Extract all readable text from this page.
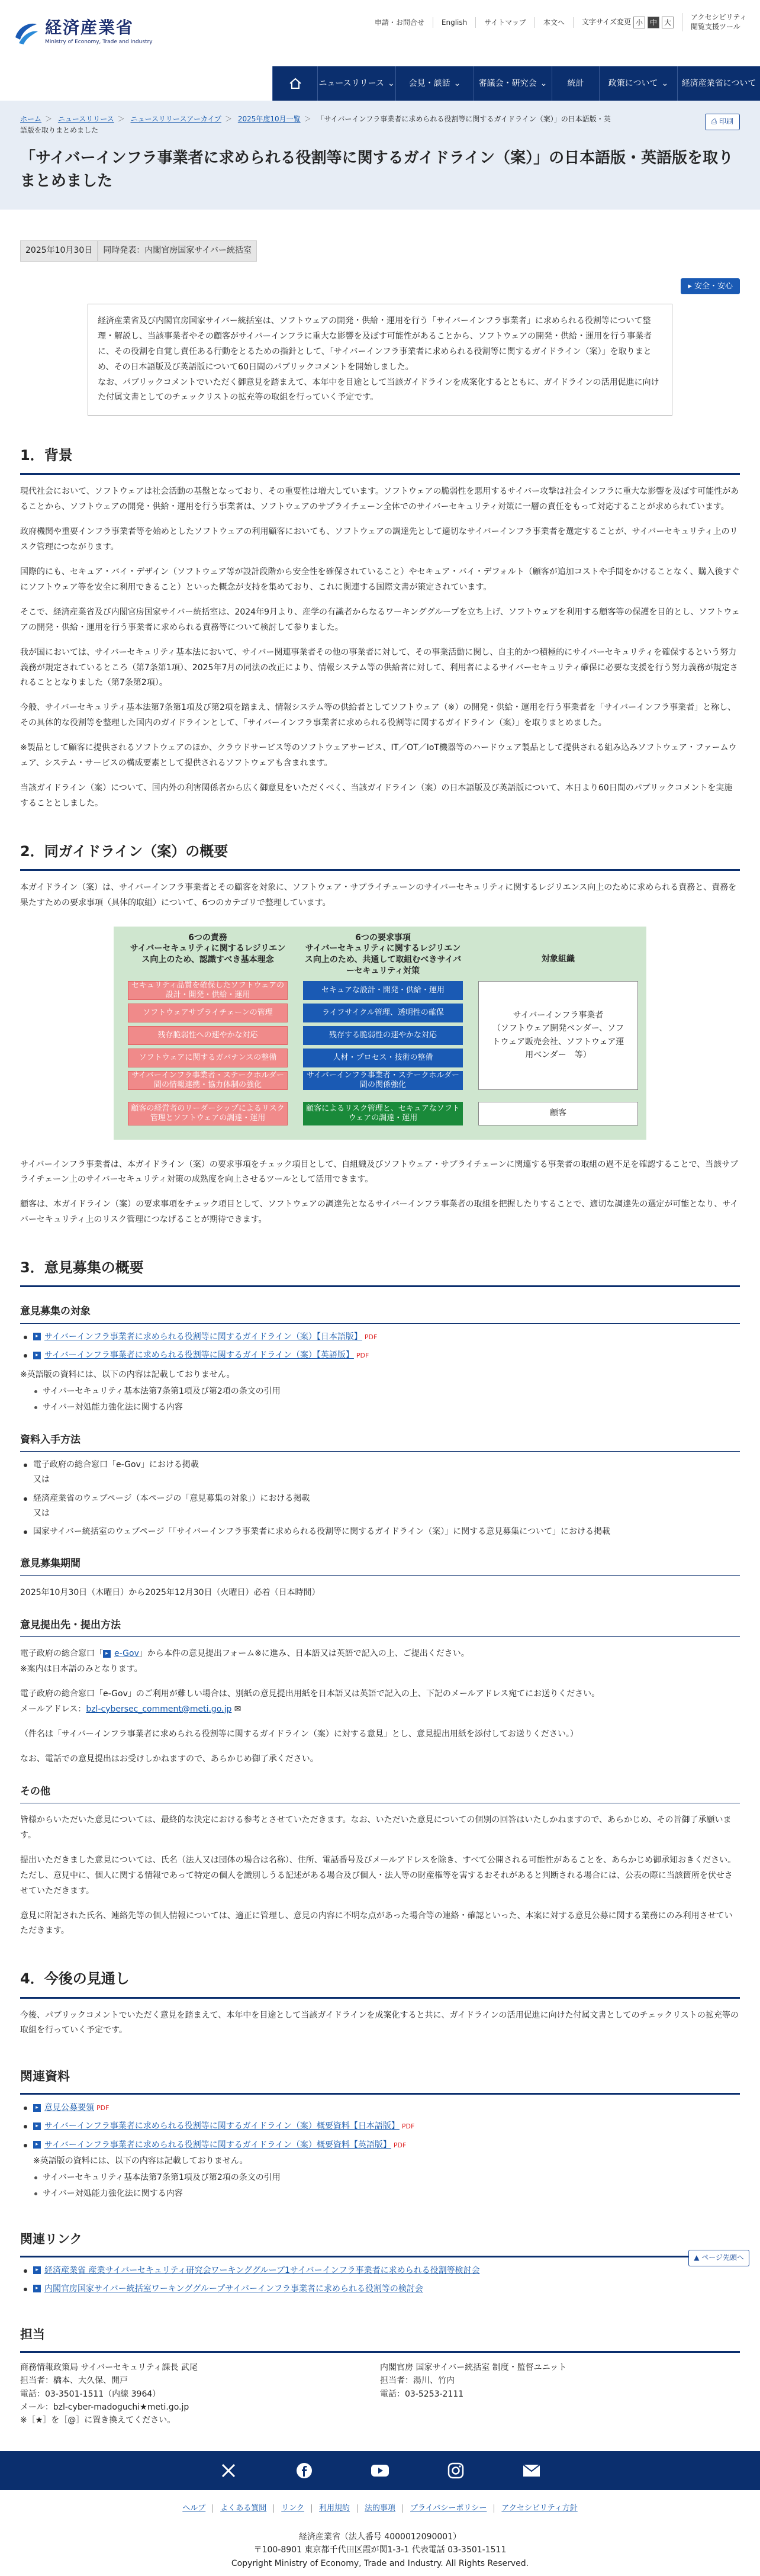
経済産業省
Ministry of Economy, Trade and Industry
申請・お問合せ	English	サイトマップ	本文へ	文字サイズ変更 小 中 大
アクセシビリティ閲覧支援ツール
ニュースリリース ⌄ 会見・談話 ⌄ 審議会・研究会 ⌄ 統計	政策について ⌄ 経済産業省について
ホーム ＞ ニュースリリース ＞ ニュースリリースアーカイブ ＞ 2025年度10月一覧 ＞ 「サイバーインフラ事業者に求められる役割等に関するガイドライン（案）」の日本語版・英語版を取りまとめました
⎙ 印刷
「サイバーインフラ事業者に求められる役割等に関するガイドライン（案）」の日本語版・英語版を取りまとめました
2025年10月30日	同時発表：内閣官房国家サイバー統括室
▸ 安全・安心

経済産業省及び内閣官房国家サイバー統括室は、ソフトウェアの開発・供給・運用を行う「サイバーインフラ事業者」に求められる役割等について整理・解説し、当該事業者やその顧客がサイバーインフラに重大な影響を及ぼす可能性があることから、ソフトウェアの開発・供給・運用を行う事業者に、その役割を自覚し責任ある行動をとるための指針として、「サイバーインフラ事業者に求められる役割等に関するガイドライン（案）」を取りまとめ、その日本語版及び英語版について60日間のパブリックコメントを開始しました。
なお、パブリックコメントでいただく御意見を踏まえて、本年中を目途として当該ガイドラインを成案化するとともに、ガイドラインの活用促進に向けた付属文書としてのチェックリストの拡充等の取組を行っていく予定です。

1．背景

現代社会において、ソフトウェアは社会活動の基盤となっており、その重要性は増大しています。ソフトウェアの脆弱性を悪用するサイバー攻撃は社会インフラに重大な影響を及ぼす可能性があることから、ソフトウェアの開発・供給・運用を行う事業者は、ソフトウェアのサプライチェーン全体でのサイバーセキュリティ対策に一層の責任をもって対応することが求められています。

政府機関や重要インフラ事業者等を始めとしたソフトウェアの利用顧客においても、ソフトウェアの調達先として適切なサイバーインフラ事業者を選定することが、サイバーセキュリティ上のリスク管理につながります。

国際的にも、セキュア・バイ・デザイン（ソフトウェア等が設計段階から安全性を確保されていること）やセキュア・バイ・デフォルト（顧客が追加コストや手間をかけることなく、購入後すぐにソフトウェア等を安全に利用できること）といった概念が支持を集めており、これに関連する国際文書が策定されています。

そこで、経済産業省及び内閣官房国家サイバー統括室は、2024年9月より、産学の有識者からなるワーキンググループを立ち上げ、ソフトウェアを利用する顧客等の保護を目的とし、ソフトウェアの開発・供給・運用を行う事業者に求められる責務等について検討して参りました。

我が国においては、サイバーセキュリティ基本法において、サイバー関連事業者その他の事業者に対して、その事業活動に関し、自主的かつ積極的にサイバーセキュリティを確保するという努力義務が規定されているところ（第7条第1項）、2025年7月の同法の改正により、情報システム等の供給者に対して、利用者によるサイバーセキュリティ確保に必要な支援を行う努力義務が規定されることとなりました（第7条第2項）。

今般、サイバーセキュリティ基本法第7条第1項及び第2項を踏まえ、情報システム等の供給者としてソフトウェア（※）の開発・供給・運用を行う事業者を「サイバーインフラ事業者」と称し、その具体的な役割等を整理した国内のガイドラインとして、「サイバーインフラ事業者に求められる役割等に関するガイドライン（案）」を取りまとめました。

※製品として顧客に提供されるソフトウェアのほか、クラウドサービス等のソフトウェアサービス、IT／OT／IoT機器等のハードウェア製品として提供される組み込みソフトウェア・ファームウェア、システム・サービスの構成要素として提供されるソフトウェアも含まれます。

当該ガイドライン（案）について、国内外の利害関係者から広く御意見をいただくべく、当該ガイドライン（案）の日本語版及び英語版について、本日より60日間のパブリックコメントを実施することとしました。

2．同ガイドライン（案）の概要

本ガイドライン（案）は、サイバーインフラ事業者とその顧客を対象に、ソフトウェア・サプライチェーンのサイバーセキュリティに関するレジリエンス向上のために求められる責務と、責務を果たすための要求事項（具体的取組）について、6つのカテゴリで整理しています。

6つの責務
サイバーセキュリティに関するレジリエンス向上のため、認識すべき基本理念
6つの要求事項
サイバーセキュリティに関するレジリエンス向上のため、共通して取組むべきサイバーセキュリティ対策
対象組織
セキュリティ品質を確保したソフトウェアの設計・開発・供給・運用
ソフトウェアサプライチェーンの管理
残存脆弱性への速やかな対応
ソフトウェアに関するガバナンスの整備
サイバーインフラ事業者・ステークホルダー間の情報連携・協力体制の強化
顧客の経営者のリーダーシップによるリスク管理とソフトウェアの調達・運用
セキュアな設計・開発・供給・運用
ライフサイクル管理、透明性の確保
残存する脆弱性の速やかな対応
人材・プロセス・技術の整備
サイバーインフラ事業者・ステークホルダー間の関係強化
顧客によるリスク管理と、セキュアなソフトウェアの調達・運用
サイバーインフラ事業者
（ソフトウェア開発ベンダー、ソフトウェア販売会社、ソフトウェア運用ベンダー　等）
顧客

サイバーインフラ事業者は、本ガイドライン（案）の要求事項をチェック項目として、自組織及びソフトウェア・サプライチェーンに関連する事業者の取組の過不足を確認することで、当該サプライチェーン上のサイバーセキュリティ対策の成熟度を向上させるツールとして活用できます。

顧客は、本ガイドライン（案）の要求事項をチェック項目として、ソフトウェアの調達先となるサイバーインフラ事業者の取組を把握したりすることで、適切な調達先の選定が可能となり、サイバーセキュリティ上のリスク管理につなげることが期待できます。

3．意見募集の概要
意見募集の対象
▸ サイバーインフラ事業者に求められる役割等に関するガイドライン（案）【日本語版】 PDF
▸ サイバーインフラ事業者に求められる役割等に関するガイドライン（案）【英語版】 PDF

※英語版の資料には、以下の内容は記載しておりません。

サイバーセキュリティ基本法第7条第1項及び第2項の条文の引用
サイバー対処能力強化法に関する内容
資料入手方法
電子政府の総合窓口「e-Gov」における掲載
又は
経済産業省のウェブページ（本ページの「意見募集の対象」）における掲載
又は
国家サイバー統括室のウェブページ「「サイバーインフラ事業者に求められる役割等に関するガイドライン（案）」に関する意見募集について」における掲載
意見募集期間

2025年10月30日（木曜日）から2025年12月30日（火曜日）必着（日本時間）

意見提出先・提出方法

電子政府の総合窓口「 ▸ e-Gov」から本件の意見提出フォーム※に進み、日本語又は英語で記入の上、ご提出ください。

※案内は日本語のみとなります。

電子政府の総合窓口「e-Gov」のご利用が難しい場合は、別紙の意見提出用紙を日本語又は英語で記入の上、下記のメールアドレス宛てにお送りください。

メールアドレス：bzl-cybersec_comment@meti.go.jp ✉

（件名は「サイバーインフラ事業者に求められる役割等に関するガイドライン（案）に対する意見」とし、意見提出用紙を添付してお送りください。）

なお、電話での意見提出はお受けしかねますので、あらかじめ御了承ください。

その他

皆様からいただいた意見については、最終的な決定における参考とさせていただきます。なお、いただいた意見についての個別の回答はいたしかねますので、あらかじめ、その旨御了承願います。

提出いただきました意見については、氏名（法人又は団体の場合は名称）、住所、電話番号及びメールアドレスを除き、すべて公開される可能性があることを、あらかじめ御承知おきください。ただし、意見中に、個人に関する情報であって特定の個人を識別しうる記述がある場合及び個人・法人等の財産権等を害するおそれがあると判断される場合には、公表の際に当該箇所を伏せさせていただきます。

意見に附記された氏名、連絡先等の個人情報については、適正に管理し、意見の内容に不明な点があった場合等の連絡・確認といった、本案に対する意見公募に関する業務にのみ利用させていただきます。

4．今後の見通し

今後、パブリックコメントでいただく意見を踏まえて、本年中を目途として当該ガイドラインを成案化すると共に、ガイドラインの活用促進に向けた付属文書としてのチェックリストの拡充等の取組を行っていく予定です。

関連資料
▸ 意見公募要領 PDF
▸ サイバーインフラ事業者に求められる役割等に関するガイドライン（案）概要資料【日本語版】 PDF
▸ サイバーインフラ事業者に求められる役割等に関するガイドライン（案）概要資料【英語版】 PDF

※英語版の資料には、以下の内容は記載しておりません。

サイバーセキュリティ基本法第7条第1項及び第2項の条文の引用
サイバー対処能力強化法に関する内容
関連リンク
▸ 経済産業省 産業サイバーセキュリティ研究会ワーキンググループ1サイバーインフラ事業者に求められる役割等検討会
▸ 内閣官房国家サイバー統括室ワーキンググループサイバーインフラ事業者に求められる役割等の検討会
担当
商務情報政策局 サイバーセキュリティ課長 武尾
担当者：橋本、大久保、開戸
電話：03-3501-1511（内線 3964）
メール：bzl-cyber-madoguchi★meti.go.jp
※［★］を［@］に置き換えてください。
内閣官房 国家サイバー統括室 制度・監督ユニット
担当者：湯川、竹内
電話：03-5253-2111
▲ ページ先頭へ
ヘルプ	よくある質問	リンク	利用規約	法的事項	プライバシーポリシー	アクセシビリティ方針
経済産業省（法人番号 4000012090001）
〒100-8901 東京都千代田区霞が関1-3-1 代表電話 03-3501-1511
Copyright Ministry of Economy, Trade and Industry. All Rights Reserved.
